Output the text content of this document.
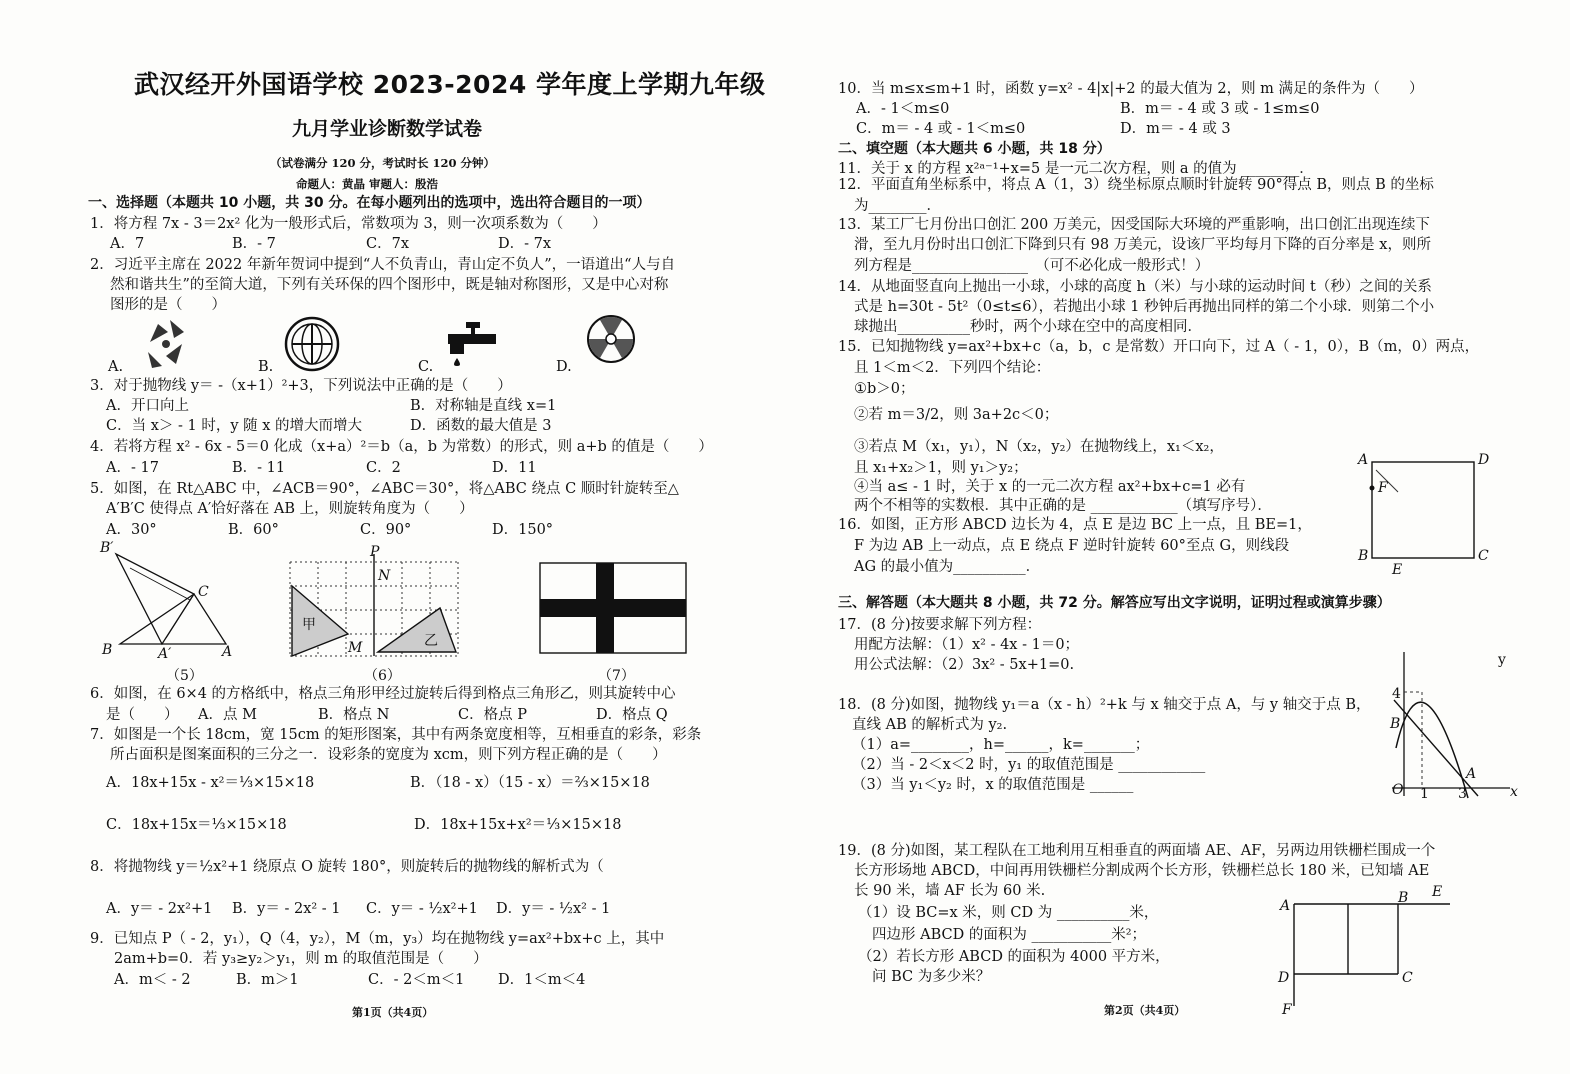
武汉经开外国语学校 2023-2024 学年度上学期九年级
九月学业诊断数学试卷
（试卷满分 120 分，考试时长 120 分钟）
命题人：黄晶 审题人：殷浩
一、选择题（本题共 10 小题，共 30 分。在每小题列出的选项中，选出符合题目的一项）
1．将方程 7x - 3＝2x² 化为一般形式后，常数项为 3，则一次项系数为（　　）
A．7	B．- 7	C．7x	D．- 7x
2．习近平主席在 2022 年新年贺词中提到“人不负青山，青山定不负人”，一语道出“人与自
然和谐共生”的至简大道，下列有关环保的四个图形中，既是轴对称图形，又是中心对称
图形的是（　　）
A.	B.	C.	D.
3．对于抛物线 y＝ -（x+1）²+3，下列说法中正确的是（　　）
A．开口向上	B．对称轴是直线 x=1
C．当 x＞ - 1 时，y 随 x 的增大而增大	D．函数的最大值是 3
4．若将方程 x² - 6x - 5＝0 化成（x+a）²＝b（a，b 为常数）的形式，则 a+b 的值是（　　）
A．- 17	B．- 11	C．2	D．11
5．如图，在 Rt△ABC 中，∠ACB＝90°，∠ABC＝30°，将△ABC 绕点 C 顺时针旋转至△
A′B′C 使得点 A′恰好落在 AB 上，则旋转角度为（　　）
A．30°	B．60°	C．90°	D．150°
B′
C
B	A′	A
P
N
M
甲
乙
（5）	（6）	（7）
6．如图，在 6×4 的方格纸中，格点三角形甲经过旋转后得到格点三角形乙，则其旋转中心
是（　　） A．点 M	B．格点 N	C．格点 P	D．格点 Q
7．如图是一个长 18cm，宽 15cm 的矩形图案，其中有两条宽度相等，互相垂直的彩条，彩条
所占面积是图案面积的三分之一．设彩条的宽度为 xcm，则下列方程正确的是（　　）
A．18x+15x - x²＝⅓×15×18	B．（18 - x）（15 - x）＝⅔×15×18
C．18x+15x＝⅓×15×18	D．18x+15x+x²＝⅓×15×18
8．将抛物线 y＝½x²+1 绕原点 O 旋转 180°，则旋转后的抛物线的解析式为（
A．y＝ - 2x²+1 B．y＝ - 2x² - 1 C．y＝ - ½x²+1 D．y＝ - ½x² - 1
9．已知点 P（ - 2，y₁），Q（4，y₂），M（m，y₃）均在抛物线 y=ax²+bx+c 上，其中
2am+b=0．若 y₃≥y₂＞y₁，则 m 的取值范围是（　　）
A．m＜ - 2	B．m＞1	C．- 2＜m＜1 D．1＜m＜4
第1页（共4页）
10．当 m≤x≤m+1 时，函数 y=x² - 4|x|+2 的最大值为 2，则 m 满足的条件为（　　）
A．- 1＜m≤0	B．m＝ - 4 或 3 或 - 1≤m≤0
C．m＝ - 4 或 - 1＜m≤0	D．m＝ - 4 或 3
二、填空题（本大题共 6 小题，共 18 分）
11．关于 x 的方程 x²ᵃ⁻¹+x=5 是一元二次方程，则 a 的值为 ________．
12．平面直角坐标系中，将点 A（1，3）绕坐标原点顺时针旋转 90°得点 B，则点 B 的坐标
为________．
13．某工厂七月份出口创汇 200 万美元，因受国际大环境的严重影响，出口创汇出现连续下
滑，至九月份时出口创汇下降到只有 98 万美元，设该厂平均每月下降的百分率是 x，则所
列方程是________________　（可不必化成一般形式！）
14．从地面竖直向上抛出一小球，小球的高度 h（米）与小球的运动时间 t（秒）之间的关系
式是 h=30t - 5t²（0≤t≤6），若抛出小球 1 秒钟后再抛出同样的第二个小球．则第二个小
球抛出__________秒时，两个小球在空中的高度相同．
15．已知抛物线 y=ax²+bx+c（a，b，c 是常数）开口向下，过 A（ - 1，0），B（m，0）两点，
且 1＜m＜2．下列四个结论：
①b＞0；
②若 m＝3/2，则 3a+2c＜0；
③若点 M（x₁，y₁），N（x₂，y₂）在抛物线上，x₁＜x₂，
且 x₁+x₂＞1，则 y₁＞y₂；
④当 a≤ - 1 时，关于 x 的一元二次方程 ax²+bx+c=1 必有
两个不相等的实数根．其中正确的是 ____________（填写序号）．
16．如图，正方形 ABCD 边长为 4，点 E 是边 BC 上一点，且 BE=1，
F 为边 AB 上一动点，点 E 绕点 F 逆时针旋转 60°至点 G，则线段
AG 的最小值为__________．
A	D
F
B	C
E
三、解答题（本大题共 8 小题，共 72 分。解答应写出文字说明，证明过程或演算步骤）
17．(8 分)按要求解下列方程：
用配方法解：（1）x² - 4x - 1＝0；
用公式法解：（2）3x² - 5x+1=0.
18．(8 分)如图，抛物线 y₁＝a（x - h）²+k 与 x 轴交于点 A，与 y 轴交于点 B，
直线 AB 的解析式为 y₂.
（1）a=________，h=______，k=_______；
（2）当 - 2＜x＜2 时，y₁ 的取值范围是 ____________
（3）当 y₁＜y₂ 时，x 的取值范围是 ______
y
4
B
O 1 3
A
x
19．(8 分)如图，某工程队在工地利用互相垂直的两面墙 AE、AF，另两边用铁栅栏围成一个
长方形场地 ABCD，中间再用铁栅栏分割成两个长方形，铁栅栏总长 180 米，已知墙 AE
长 90 米，墙 AF 长为 60 米.
（1）设 BC=x 米，则 CD 为 __________米，
四边形 ABCD 的面积为 ___________米²；
（2）若长方形 ABCD 的面积为 4000 平方米，
问 BC 为多少米？
A	B E
D	C
F
第2页（共4页）
